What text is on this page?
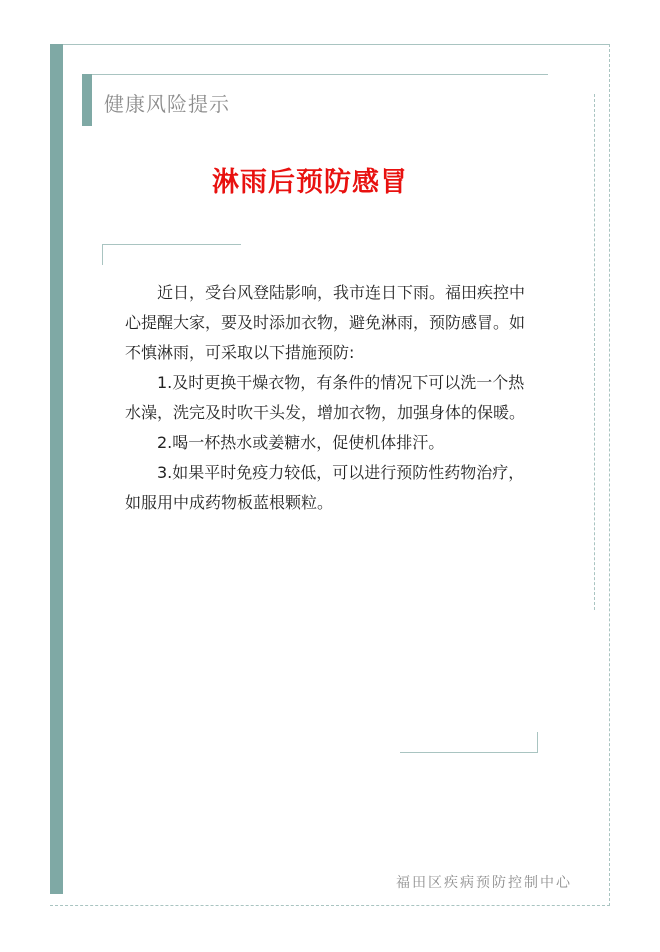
健康风险提示
淋雨后预防感冒

近日，受台风登陆影响，我市连日下雨。福田疾控中心提醒大家，要及时添加衣物，避免淋雨，预防感冒。如不慎淋雨，可采取以下措施预防:

1.及时更换干燥衣物，有条件的情况下可以洗一个热水澡，洗完及时吹干头发，增加衣物，加强身体的保暖。

2.喝一杯热水或姜糖水，促使机体排汗。

3.如果平时免疫力较低，可以进行预防性药物治疗，如服用中成药物板蓝根颗粒。

福田区疾病预防控制中心
